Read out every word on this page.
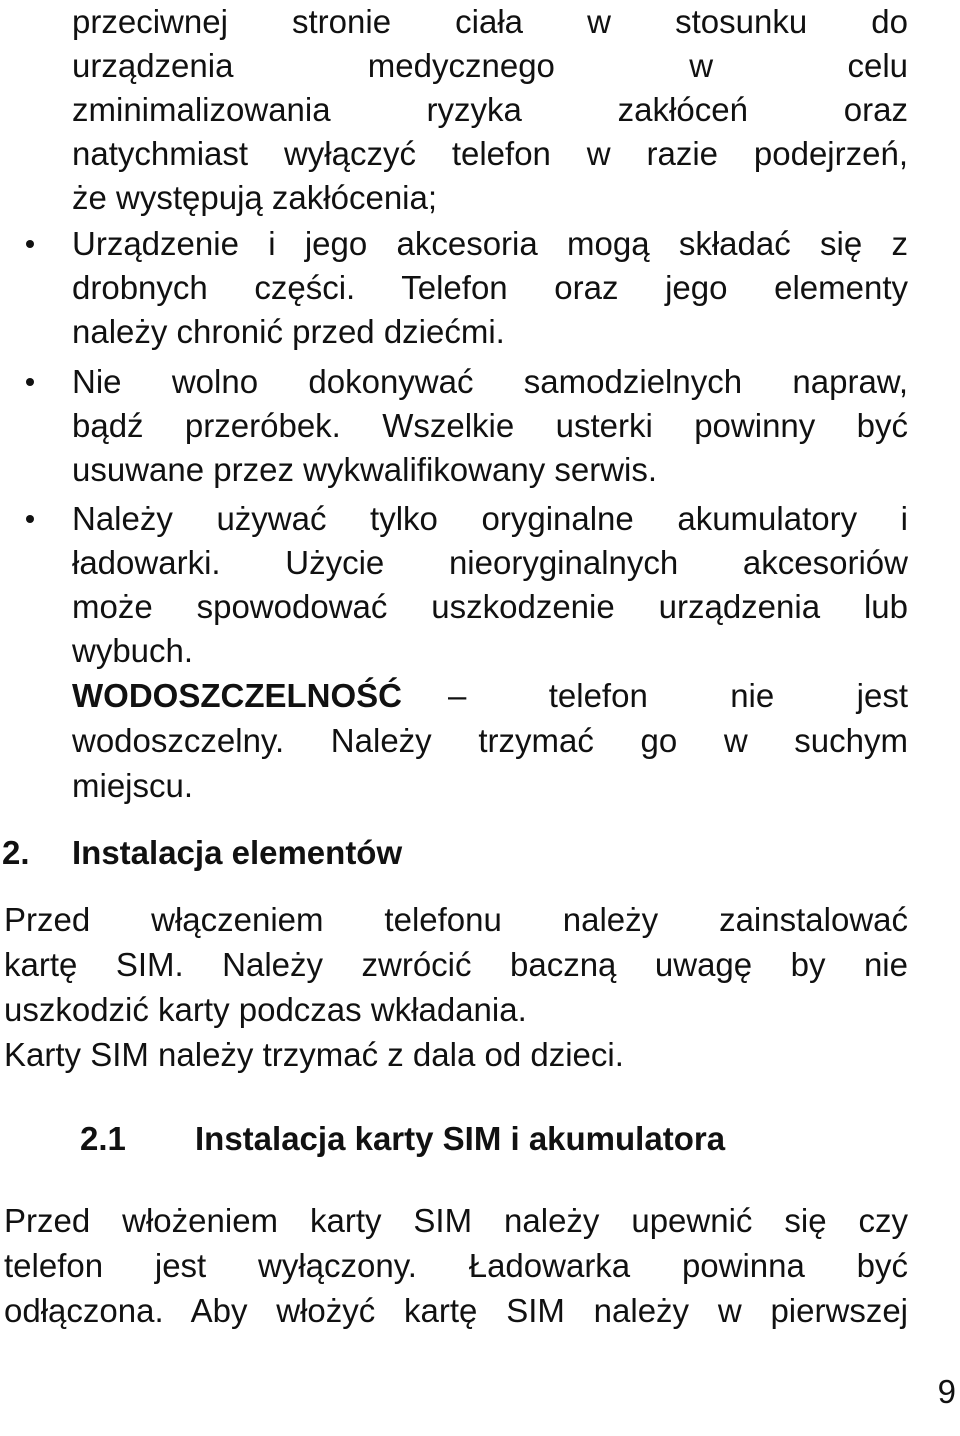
przeciwnej stronie ciała w stosunku do
urządzenia medycznego w celu
zminimalizowania ryzyka zakłóceń oraz
natychmiast wyłączyć telefon w razie podejrzeń,
że występują zakłócenia;
Urządzenie i jego akcesoria mogą składać się z
drobnych części. Telefon oraz jego elementy
należy chronić przed dziećmi.
Nie wolno dokonywać samodzielnych napraw,
bądź przeróbek. Wszelkie usterki powinny być
usuwane przez wykwalifikowany serwis.
Należy używać tylko oryginalne akumulatory i
ładowarki. Użycie nieoryginalnych akcesoriów
może spowodować uszkodzenie urządzenia lub
wybuch.
WODOSZCZELNOŚĆ – telefon nie jest
wodoszczelny. Należy trzymać go w suchym
miejscu.
2. Instalacja elementów
Przed włączeniem telefonu należy zainstalować
kartę SIM. Należy zwrócić baczną uwagę by nie
uszkodzić karty podczas wkładania.
Karty SIM należy trzymać z dala od dzieci.
2.1 Instalacja karty SIM i akumulatora
Przed włożeniem karty SIM należy upewnić się czy
telefon jest wyłączony. Ładowarka powinna być
odłączona. Aby włożyć kartę SIM należy w pierwszej
9
